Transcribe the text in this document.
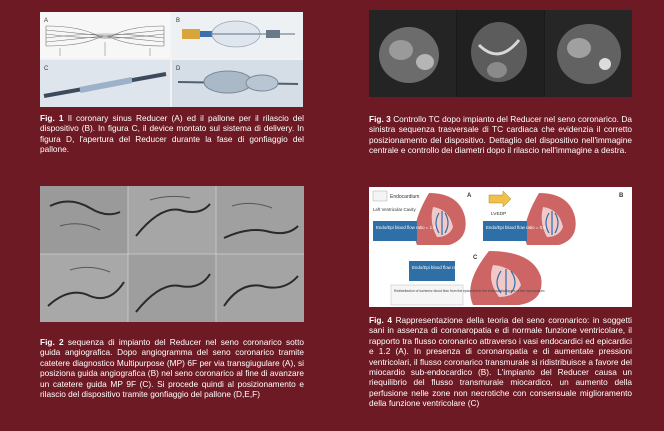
A	B
C	D

Fig. 1 Il coronary sinus Reducer (A) ed il pallone per il rilascio del dispositivo (B). In figura C, il device montato sul sistema di delivery. In figura D, l'apertura del Reducer durante la fase di gonfiaggio del pallone.

Fig. 3 Controllo TC dopo impianto del Reducer nel seno coronarico. Da sinistra sequenza trasversale di TC cardiaca che evidenzia il corretto posizionamento del dispositivo. Dettaglio del dispositivo nell'immagine centrale e controllo dei diametri dopo il rilascio nell'immagine a destra.

Fig. 2 sequenza di impianto del Reducer nel seno coronarico sotto guida angiografica. Dopo angiogramma del seno coronarico tramite catetere diagnostico Multipurpose (MP) 6F per via transgiugulare (A), si posiziona guida angiografica (B) nel seno coronarico al fine di avanzare un catetere guida MP 9F (C). Si procede quindi al posizionamento e rilascio del dispositivo tramite gonfiaggio del pallone (D,E,F)

Endocardium
Left Ventricular Cavity
Endo/Epi blood flow ratio = 1.2
A
LVEDP
Endo/Epi blood flow ratio = 0.8
B
Endo/Epi blood flow ratio = 1.2
Redistribution of ischemic blood flow from the epicardial to the endocardial layers of the myocardium
C

Fig. 4 Rappresentazione della teoria del seno coronarico: in soggetti sani in assenza di coronaropatia e di normale funzione ventricolare, il rapporto tra flusso coronarico attraverso i vasi endocardici ed epicardici e 1.2 (A). In presenza di coronaropatia e di aumentate pressioni ventricolari, il flusso coronarico transmurale si ridistribuisce a favore del miocardio sub-endocardico (B). L'impianto del Reducer causa un riequilibrio del flusso transmurale miocardico, un aumento della perfusione nelle zone non necrotiche con consensuale miglioramento della funzione ventricolare (C)
